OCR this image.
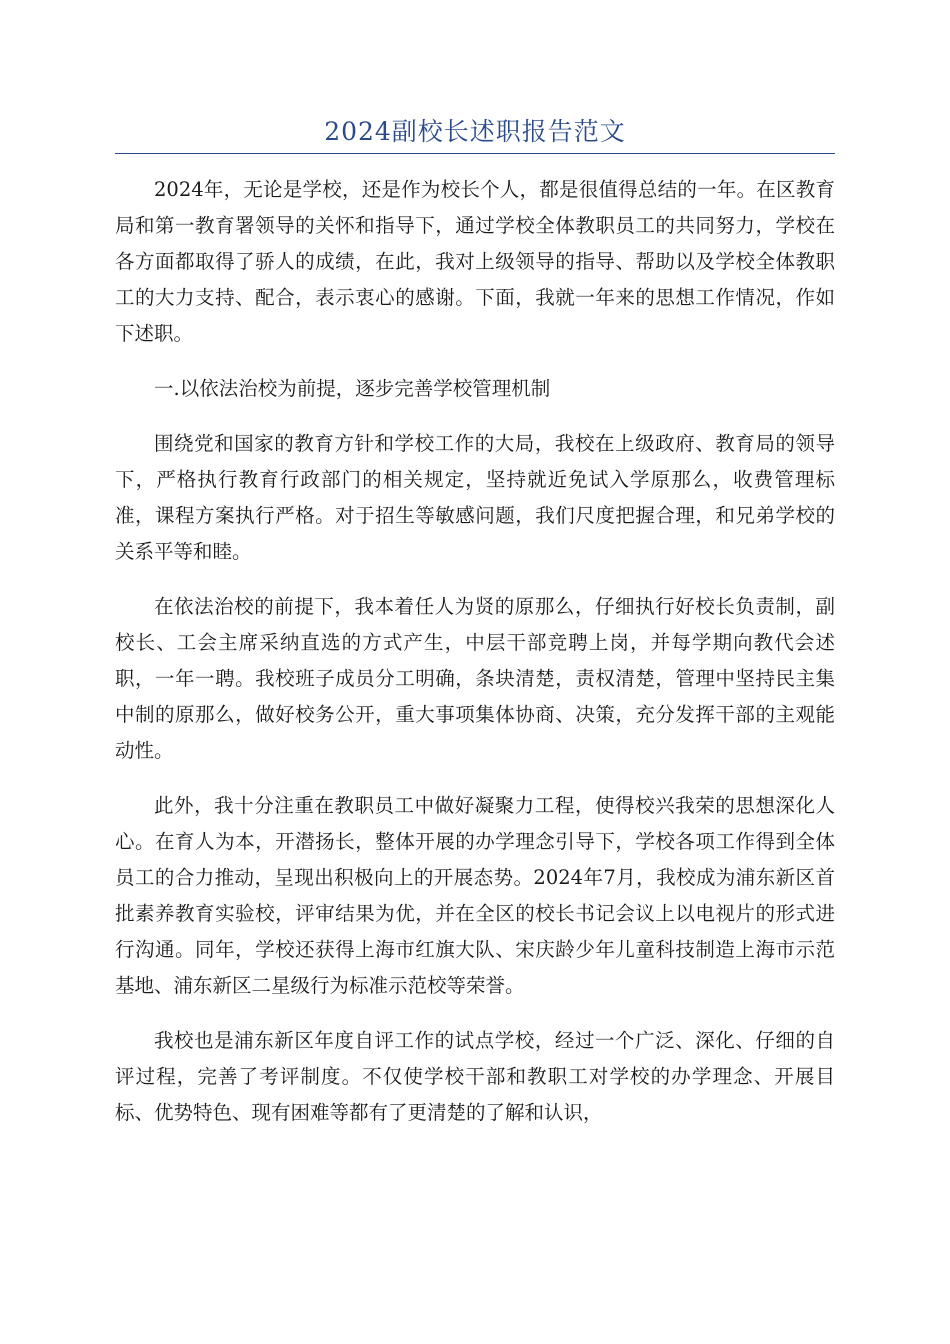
2024副校长述职报告范文

2024年，无论是学校，还是作为校长个人，都是很值得总结的一年。在区教育局和第一教育署领导的关怀和指导下，通过学校全体教职员工的共同努力，学校在各方面都取得了骄人的成绩，在此，我对上级领导的指导、帮助以及学校全体教职工的大力支持、配合，表示衷心的感谢。下面，我就一年来的思想工作情况，作如下述职。

一.以依法治校为前提，逐步完善学校管理机制

围绕党和国家的教育方针和学校工作的大局，我校在上级政府、教育局的领导下，严格执行教育行政部门的相关规定，坚持就近免试入学原那么，收费管理标准，课程方案执行严格。对于招生等敏感问题，我们尺度把握合理，和兄弟学校的关系平等和睦。

在依法治校的前提下，我本着任人为贤的原那么，仔细执行好校长负责制，副校长、工会主席采纳直选的方式产生，中层干部竞聘上岗，并每学期向教代会述职，一年一聘。我校班子成员分工明确，条块清楚，责权清楚，管理中坚持民主集中制的原那么，做好校务公开，重大事项集体协商、决策，充分发挥干部的主观能动性。

此外，我十分注重在教职员工中做好凝聚力工程，使得校兴我荣的思想深化人心。在育人为本，开潜扬长，整体开展的办学理念引导下，学校各项工作得到全体员工的合力推动，呈现出积极向上的开展态势。2024年7月，我校成为浦东新区首批素养教育实验校，评审结果为优，并在全区的校长书记会议上以电视片的形式进行沟通。同年，学校还获得上海市红旗大队、宋庆龄少年儿童科技制造上海市示范基地、浦东新区二星级行为标准示范校等荣誉。

我校也是浦东新区年度自评工作的试点学校，经过一个广泛、深化、仔细的自评过程，完善了考评制度。不仅使学校干部和教职工对学校的办学理念、开展目标、优势特色、现有困难等都有了更清楚的了解和认识，
